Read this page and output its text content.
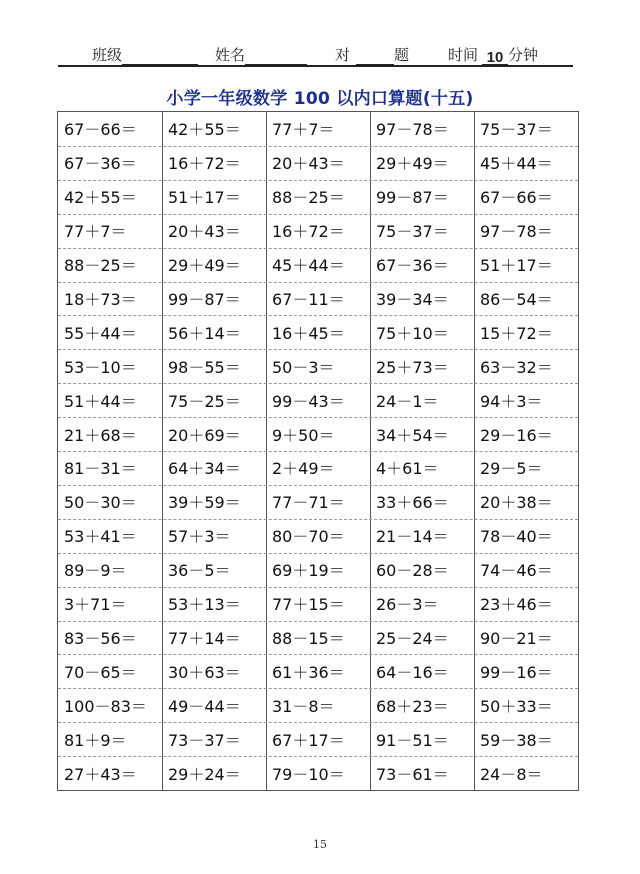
班级	姓名	对	题	时间 10 分钟
小学一年级数学 100 以内口算题(十五)
67－66＝	42＋55＝	77＋7＝	97－78＝	75－37＝
67－36＝	16＋72＝	20＋43＝	29＋49＝	45＋44＝
42＋55＝	51＋17＝	88－25＝	99－87＝	67－66＝
77＋7＝	20＋43＝	16＋72＝	75－37＝	97－78＝
88－25＝	29＋49＝	45＋44＝	67－36＝	51＋17＝
18＋73＝	99－87＝	67－11＝	39－34＝	86－54＝
55＋44＝	56＋14＝	16＋45＝	75＋10＝	15＋72＝
53－10＝	98－55＝	50－3＝	25＋73＝	63－32＝
51＋44＝	75－25＝	99－43＝	24－1＝	94＋3＝
21＋68＝	20＋69＝	9＋50＝	34＋54＝	29－16＝
81－31＝	64＋34＝	2＋49＝	4＋61＝	29－5＝
50－30＝	39＋59＝	77－71＝	33＋66＝	20＋38＝
53＋41＝	57＋3＝	80－70＝	21－14＝	78－40＝
89－9＝	36－5＝	69＋19＝	60－28＝	74－46＝
3＋71＝	53＋13＝	77＋15＝	26－3＝	23＋46＝
83－56＝	77＋14＝	88－15＝	25－24＝	90－21＝
70－65＝	30＋63＝	61＋36＝	64－16＝	99－16＝
100－83＝	49－44＝	31－8＝	68＋23＝	50＋33＝
81＋9＝	73－37＝	67＋17＝	91－51＝	59－38＝
27＋43＝	29＋24＝	79－10＝	73－61＝	24－8＝
15
